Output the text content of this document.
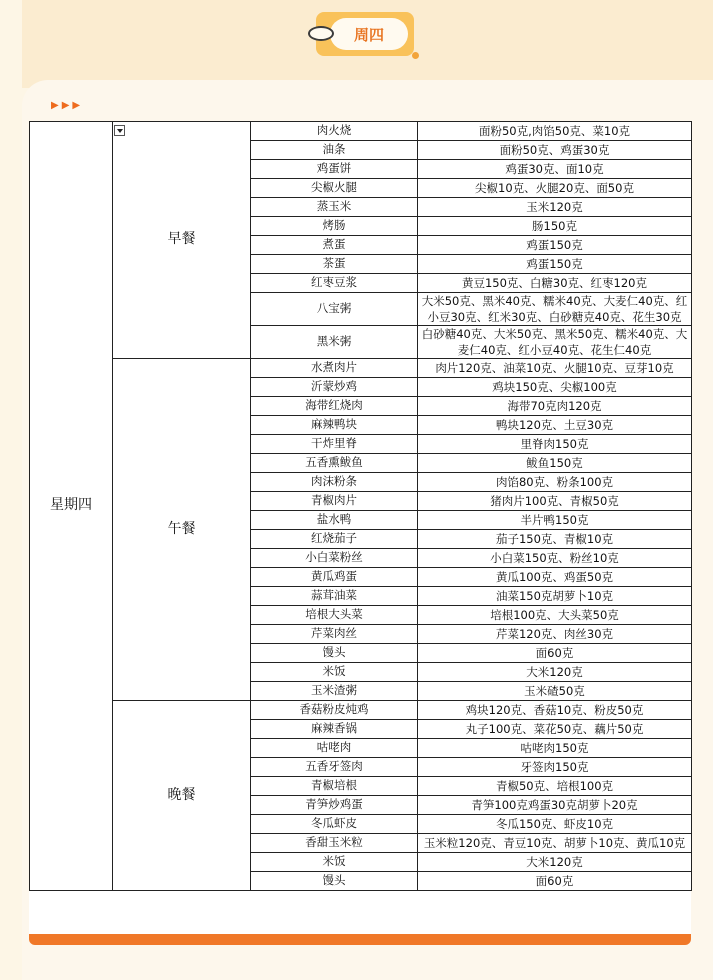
周四
▶▶▶
星期四	早餐	肉火烧	面粉50克,肉馅50克、菜10克
		油条	面粉50克、鸡蛋30克
		鸡蛋饼	鸡蛋30克、面10克
		尖椒火腿	尖椒10克、火腿20克、面50克
		蒸玉米	玉米120克
		烤肠	肠150克
		煮蛋	鸡蛋150克
		茶蛋	鸡蛋150克
		红枣豆浆	黄豆150克、白糖30克、红枣120克
		八宝粥	大米50克、黑米40克、糯米40克、大麦仁40克、红小豆30克、红米30克、白砂糖克40克、花生30克
		黑米粥	白砂糖40克、大米50克、黑米50克、糯米40克、大麦仁40克、红小豆40克、花生仁40克
	午餐	水煮肉片	肉片120克、油菜10克、火腿10克、豆芽10克
		沂蒙炒鸡	鸡块150克、尖椒100克
		海带红烧肉	海带70克肉120克
		麻辣鸭块	鸭块120克、土豆30克
		干炸里脊	里脊肉150克
		五香熏鲅鱼	鲅鱼150克
		肉沫粉条	肉馅80克、粉条100克
		青椒肉片	猪肉片100克、青椒50克
		盐水鸭	半片鸭150克
		红烧茄子	茄子150克、青椒10克
		小白菜粉丝	小白菜150克、粉丝10克
		黄瓜鸡蛋	黄瓜100克、鸡蛋50克
		蒜茸油菜	油菜150克胡萝卜10克
		培根大头菜	培根100克、大头菜50克
		芹菜肉丝	芹菜120克、肉丝30克
		馒头	面60克
		米饭	大米120克
		玉米渣粥	玉米碴50克
	晚餐	香菇粉皮炖鸡	鸡块120克、香菇10克、粉皮50克
		麻辣香锅	丸子100克、菜花50克、藕片50克
		咕咾肉	咕咾肉150克
		五香牙签肉	牙签肉150克
		青椒培根	青椒50克、培根100克
		青笋炒鸡蛋	青笋100克鸡蛋30克胡萝卜20克
		冬瓜虾皮	冬瓜150克、虾皮10克
		香甜玉米粒	玉米粒120克、青豆10克、胡萝卜10克、黄瓜10克
		米饭	大米120克
		馒头	面60克
